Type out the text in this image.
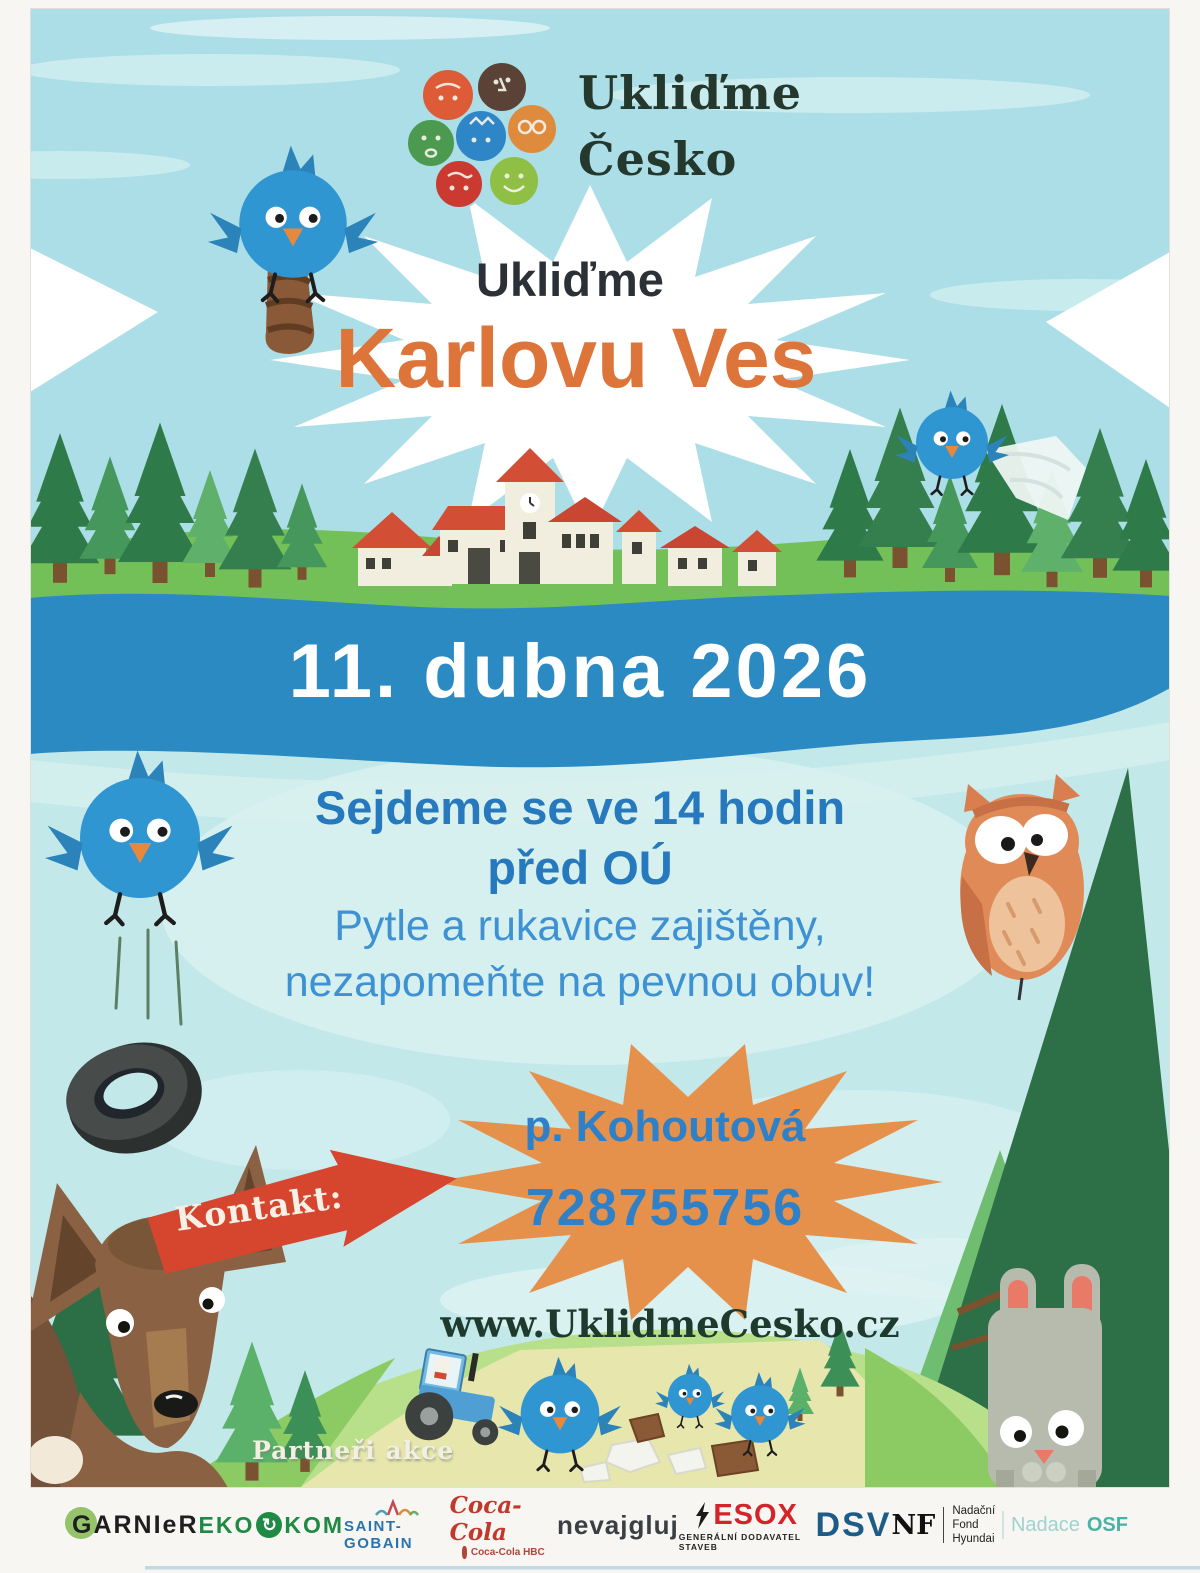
Ukliďme
Česko
Ukliďme
Karlovu Ves
11. dubna 2026
Sejdeme se ve 14 hodin
před OÚ
Pytle a rukavice zajištěny,
nezapomeňte na pevnou obuv!
Kontakt:
p. Kohoutová
728755756
www.UklidmeCesko.cz
Partneři akce
GARNIeR EKO ↻ KOM SAINT-GOBAIN
Coca-Cola
Coca-Cola HBC
nevajgluj ESOX
GENERÁLNÍ DODAVATEL STAVEB
DSV NF Nadační Fond
Hyundai
Nadace OSF
